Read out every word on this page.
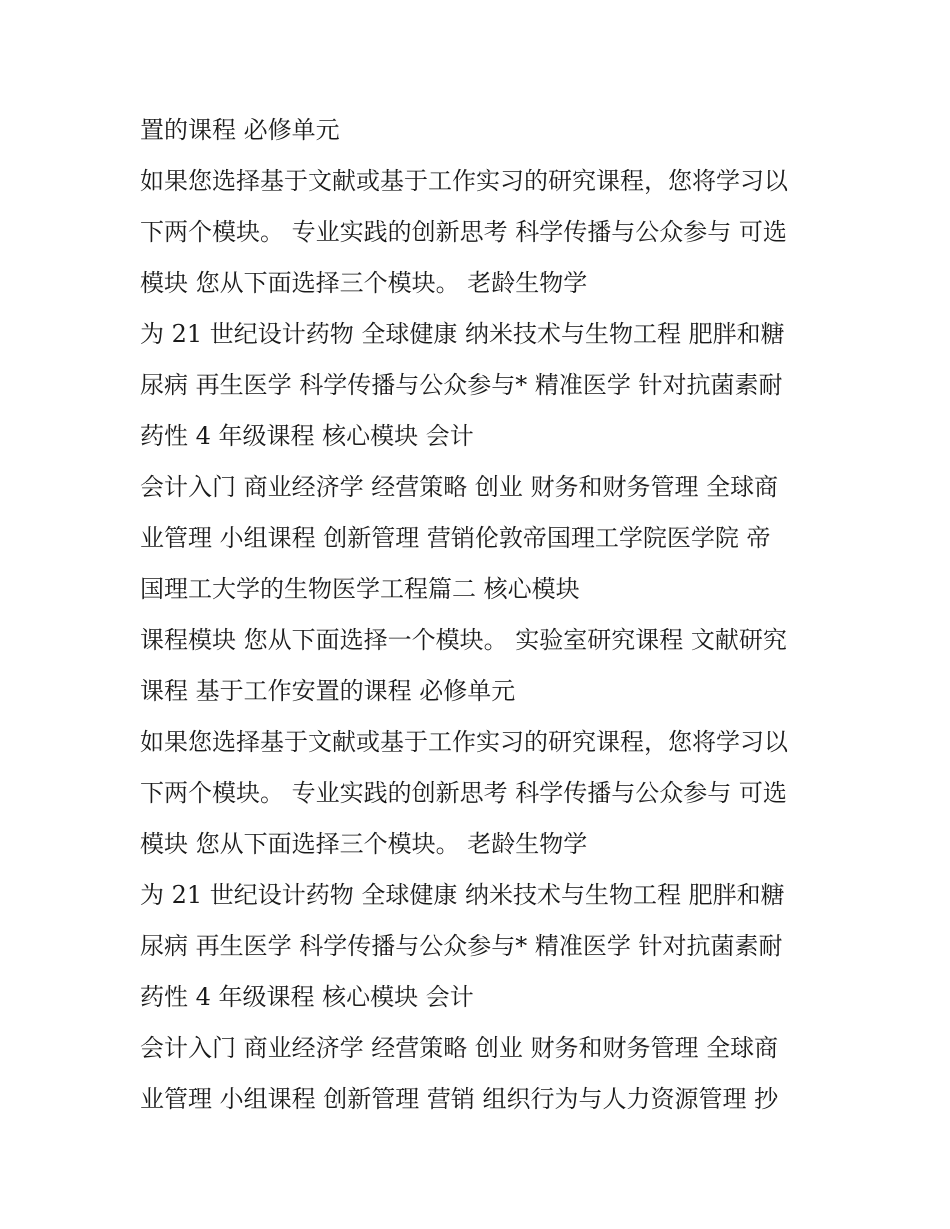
置的课程 必修单元
如果您选择基于文献或基于工作实习的研究课程，您将学习以
下两个模块。 专业实践的创新思考 科学传播与公众参与 可选
模块 您从下面选择三个模块。 老龄生物学
为 21 世纪设计药物 全球健康 纳米技术与生物工程 肥胖和糖
尿病 再生医学 科学传播与公众参与* 精准医学 针对抗菌素耐
药性 4 年级课程 核心模块 会计
会计入门 商业经济学 经营策略 创业 财务和财务管理 全球商
业管理 小组课程 创新管理 营销伦敦帝国理工学院医学院 帝
国理工大学的生物医学工程篇二 核心模块
课程模块 您从下面选择一个模块。 实验室研究课程 文献研究
课程 基于工作安置的课程 必修单元
如果您选择基于文献或基于工作实习的研究课程，您将学习以
下两个模块。 专业实践的创新思考 科学传播与公众参与 可选
模块 您从下面选择三个模块。 老龄生物学
为 21 世纪设计药物 全球健康 纳米技术与生物工程 肥胖和糖
尿病 再生医学 科学传播与公众参与* 精准医学 针对抗菌素耐
药性 4 年级课程 核心模块 会计
会计入门 商业经济学 经营策略 创业 财务和财务管理 全球商
业管理 小组课程 创新管理 营销 组织行为与人力资源管理 抄
